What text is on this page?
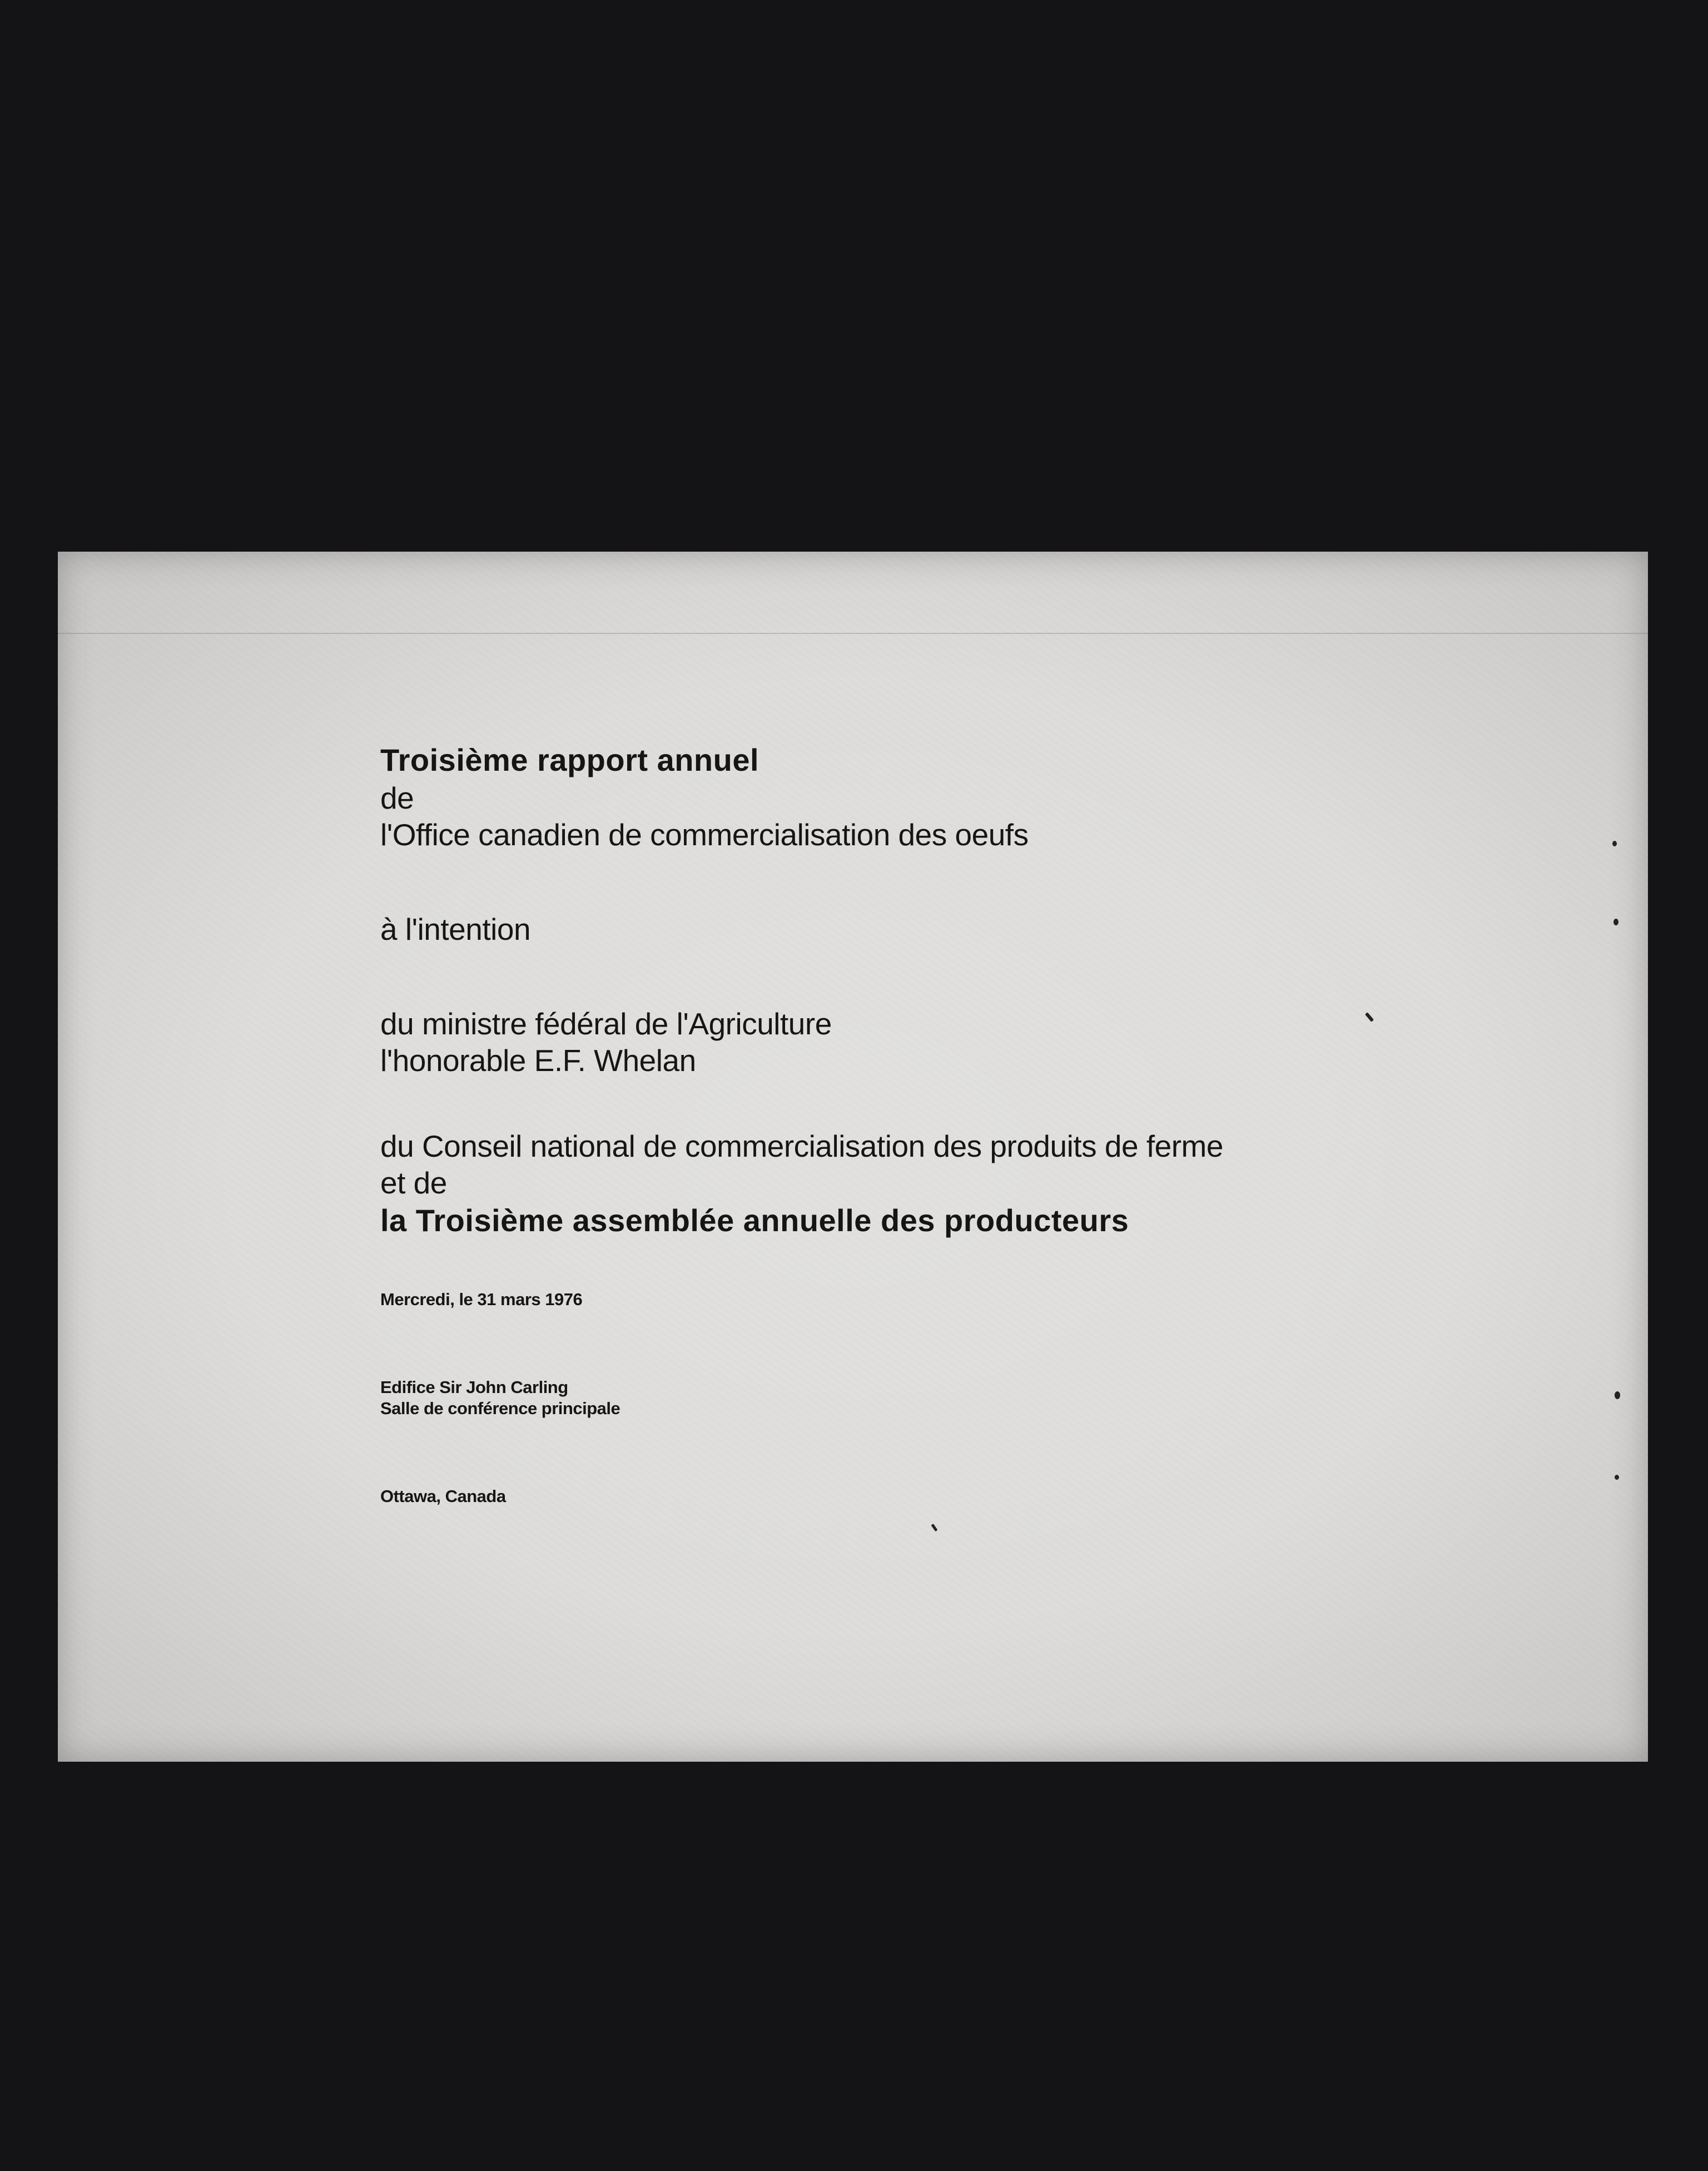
Troisième rapport annuel
de
l'Office canadien de commercialisation des oeufs
à l'intention
du ministre fédéral de l'Agriculture
l'honorable E.F. Whelan
du Conseil national de commercialisation des produits de ferme
et de
la Troisième assemblée annuelle des producteurs
Mercredi, le 31 mars 1976
Edifice Sir John Carling
Salle de conférence principale
Ottawa, Canada
